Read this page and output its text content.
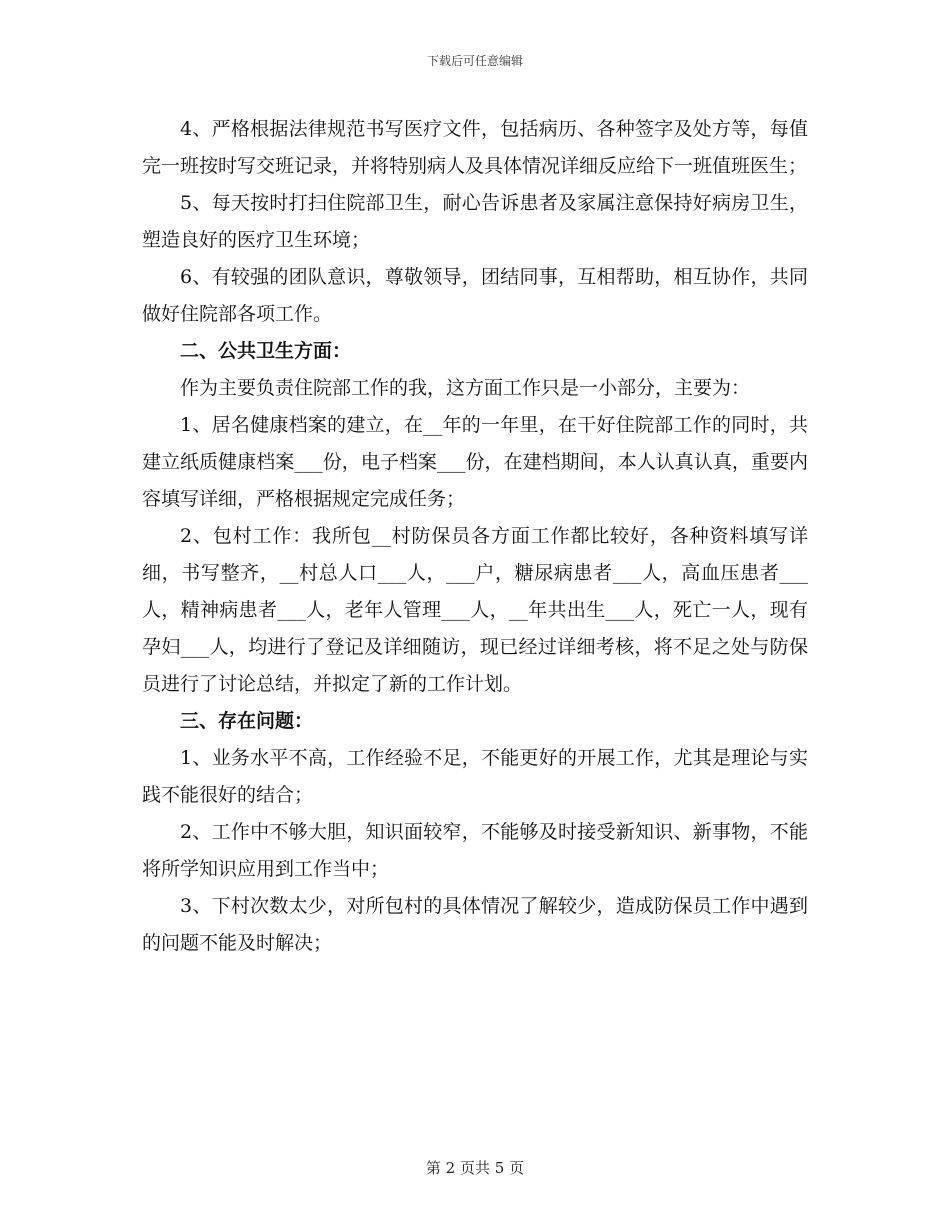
下载后可任意编辑

4、严格根据法律规范书写医疗文件，包括病历、各种签字及处方等，每值完一班按时写交班记录，并将特别病人及具体情况详细反应给下一班值班医生；

5、每天按时打扫住院部卫生，耐心告诉患者及家属注意保持好病房卫生，塑造良好的医疗卫生环境；

6、有较强的团队意识，尊敬领导，团结同事，互相帮助，相互协作，共同做好住院部各项工作。

二、公共卫生方面：

作为主要负责住院部工作的我，这方面工作只是一小部分，主要为：

1、居名健康档案的建立，在__年的一年里，在干好住院部工作的同时，共建立纸质健康档案___份，电子档案___份，在建档期间，本人认真认真，重要内容填写详细，严格根据规定完成任务；

2、包村工作：我所包__村防保员各方面工作都比较好，各种资料填写详细，书写整齐，__村总人口___人，___户，糖尿病患者___人，高血压患者___人，精神病患者___人，老年人管理___人，__年共出生___人，死亡一人，现有孕妇___人，均进行了登记及详细随访，现已经过详细考核，将不足之处与防保员进行了讨论总结，并拟定了新的工作计划。

三、存在问题：

1、业务水平不高，工作经验不足，不能更好的开展工作，尤其是理论与实践不能很好的结合；

2、工作中不够大胆，知识面较窄，不能够及时接受新知识、新事物，不能将所学知识应用到工作当中；

3、下村次数太少，对所包村的具体情况了解较少，造成防保员工作中遇到的问题不能及时解决；

第 2 页共 5 页
